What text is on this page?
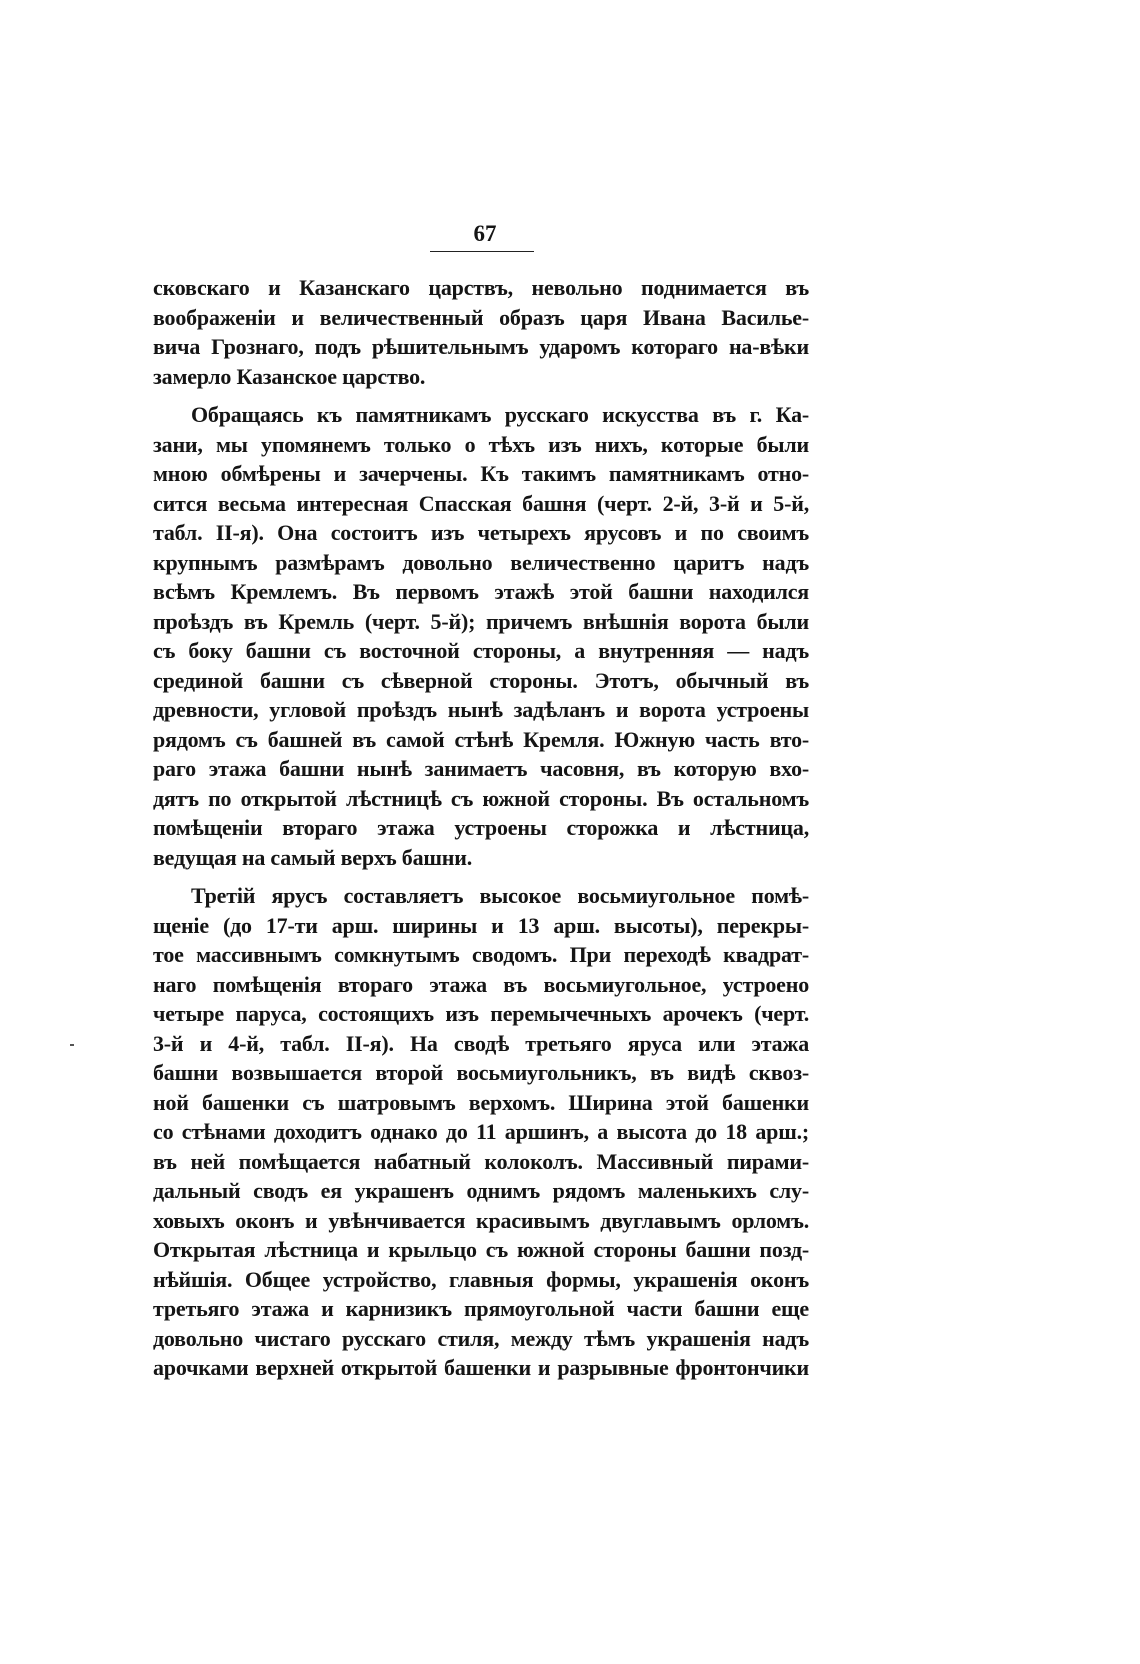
67
сковскаго и Казанскаго царствъ, невольно поднимается въ
воображеніи и величественный образъ царя Ивана Василье-
вича Грознаго, подъ рѣшительнымъ ударомъ котораго на-вѣки
замерло Казанское царство.
Обращаясь къ памятникамъ русскаго искусства въ г. Ка-
зани, мы упомянемъ только о тѣхъ изъ нихъ, которые были
мною обмѣрены и зачерчены. Къ такимъ памятникамъ отно-
сится весьма интересная Спасская башня (черт. 2-й, 3-й и 5-й,
табл. II-я). Она состоитъ изъ четырехъ ярусовъ и по своимъ
крупнымъ размѣрамъ довольно величественно царитъ надъ
всѣмъ Кремлемъ. Въ первомъ этажѣ этой башни находился
проѣздъ въ Кремль (черт. 5-й); причемъ внѣшнія ворота были
съ боку башни съ восточной стороны, а внутренняя — надъ
срединой башни съ сѣверной стороны. Этотъ, обычный въ
древности, угловой проѣздъ нынѣ задѣланъ и ворота устроены
рядомъ съ башней въ самой стѣнѣ Кремля. Южную часть вто-
раго этажа башни нынѣ занимаетъ часовня, въ которую вхо-
дятъ по открытой лѣстницѣ съ южной стороны. Въ остальномъ
помѣщеніи втораго этажа устроены сторожка и лѣстница,
ведущая на самый верхъ башни.
Третій ярусъ составляетъ высокое восьмиугольное помѣ-
щеніе (до 17-ти арш. ширины и 13 арш. высоты), перекры-
тое массивнымъ сомкнутымъ сводомъ. При переходѣ квадрат-
наго помѣщенія втораго этажа въ восьмиугольное, устроено
четыре паруса, состоящихъ изъ перемычечныхъ арочекъ (черт.
3-й и 4-й, табл. II-я). На сводѣ третьяго яруса или этажа
башни возвышается второй восьмиугольникъ, въ видѣ сквоз-
ной башенки съ шатровымъ верхомъ. Ширина этой башенки
со стѣнами доходитъ однако до 11 аршинъ, а высота до 18 арш.;
въ ней помѣщается набатный колоколъ. Массивный пирами-
дальный сводъ ея украшенъ однимъ рядомъ маленькихъ слу-
ховыхъ оконъ и увѣнчивается красивымъ двуглавымъ орломъ.
Открытая лѣстница и крыльцо съ южной стороны башни позд-
нѣйшія. Общее устройство, главныя формы, украшенія оконъ
третьяго этажа и карнизикъ прямоугольной части башни еще
довольно чистаго русскаго стиля, между тѣмъ украшенія надъ
арочками верхней открытой башенки и разрывные фронтончики
